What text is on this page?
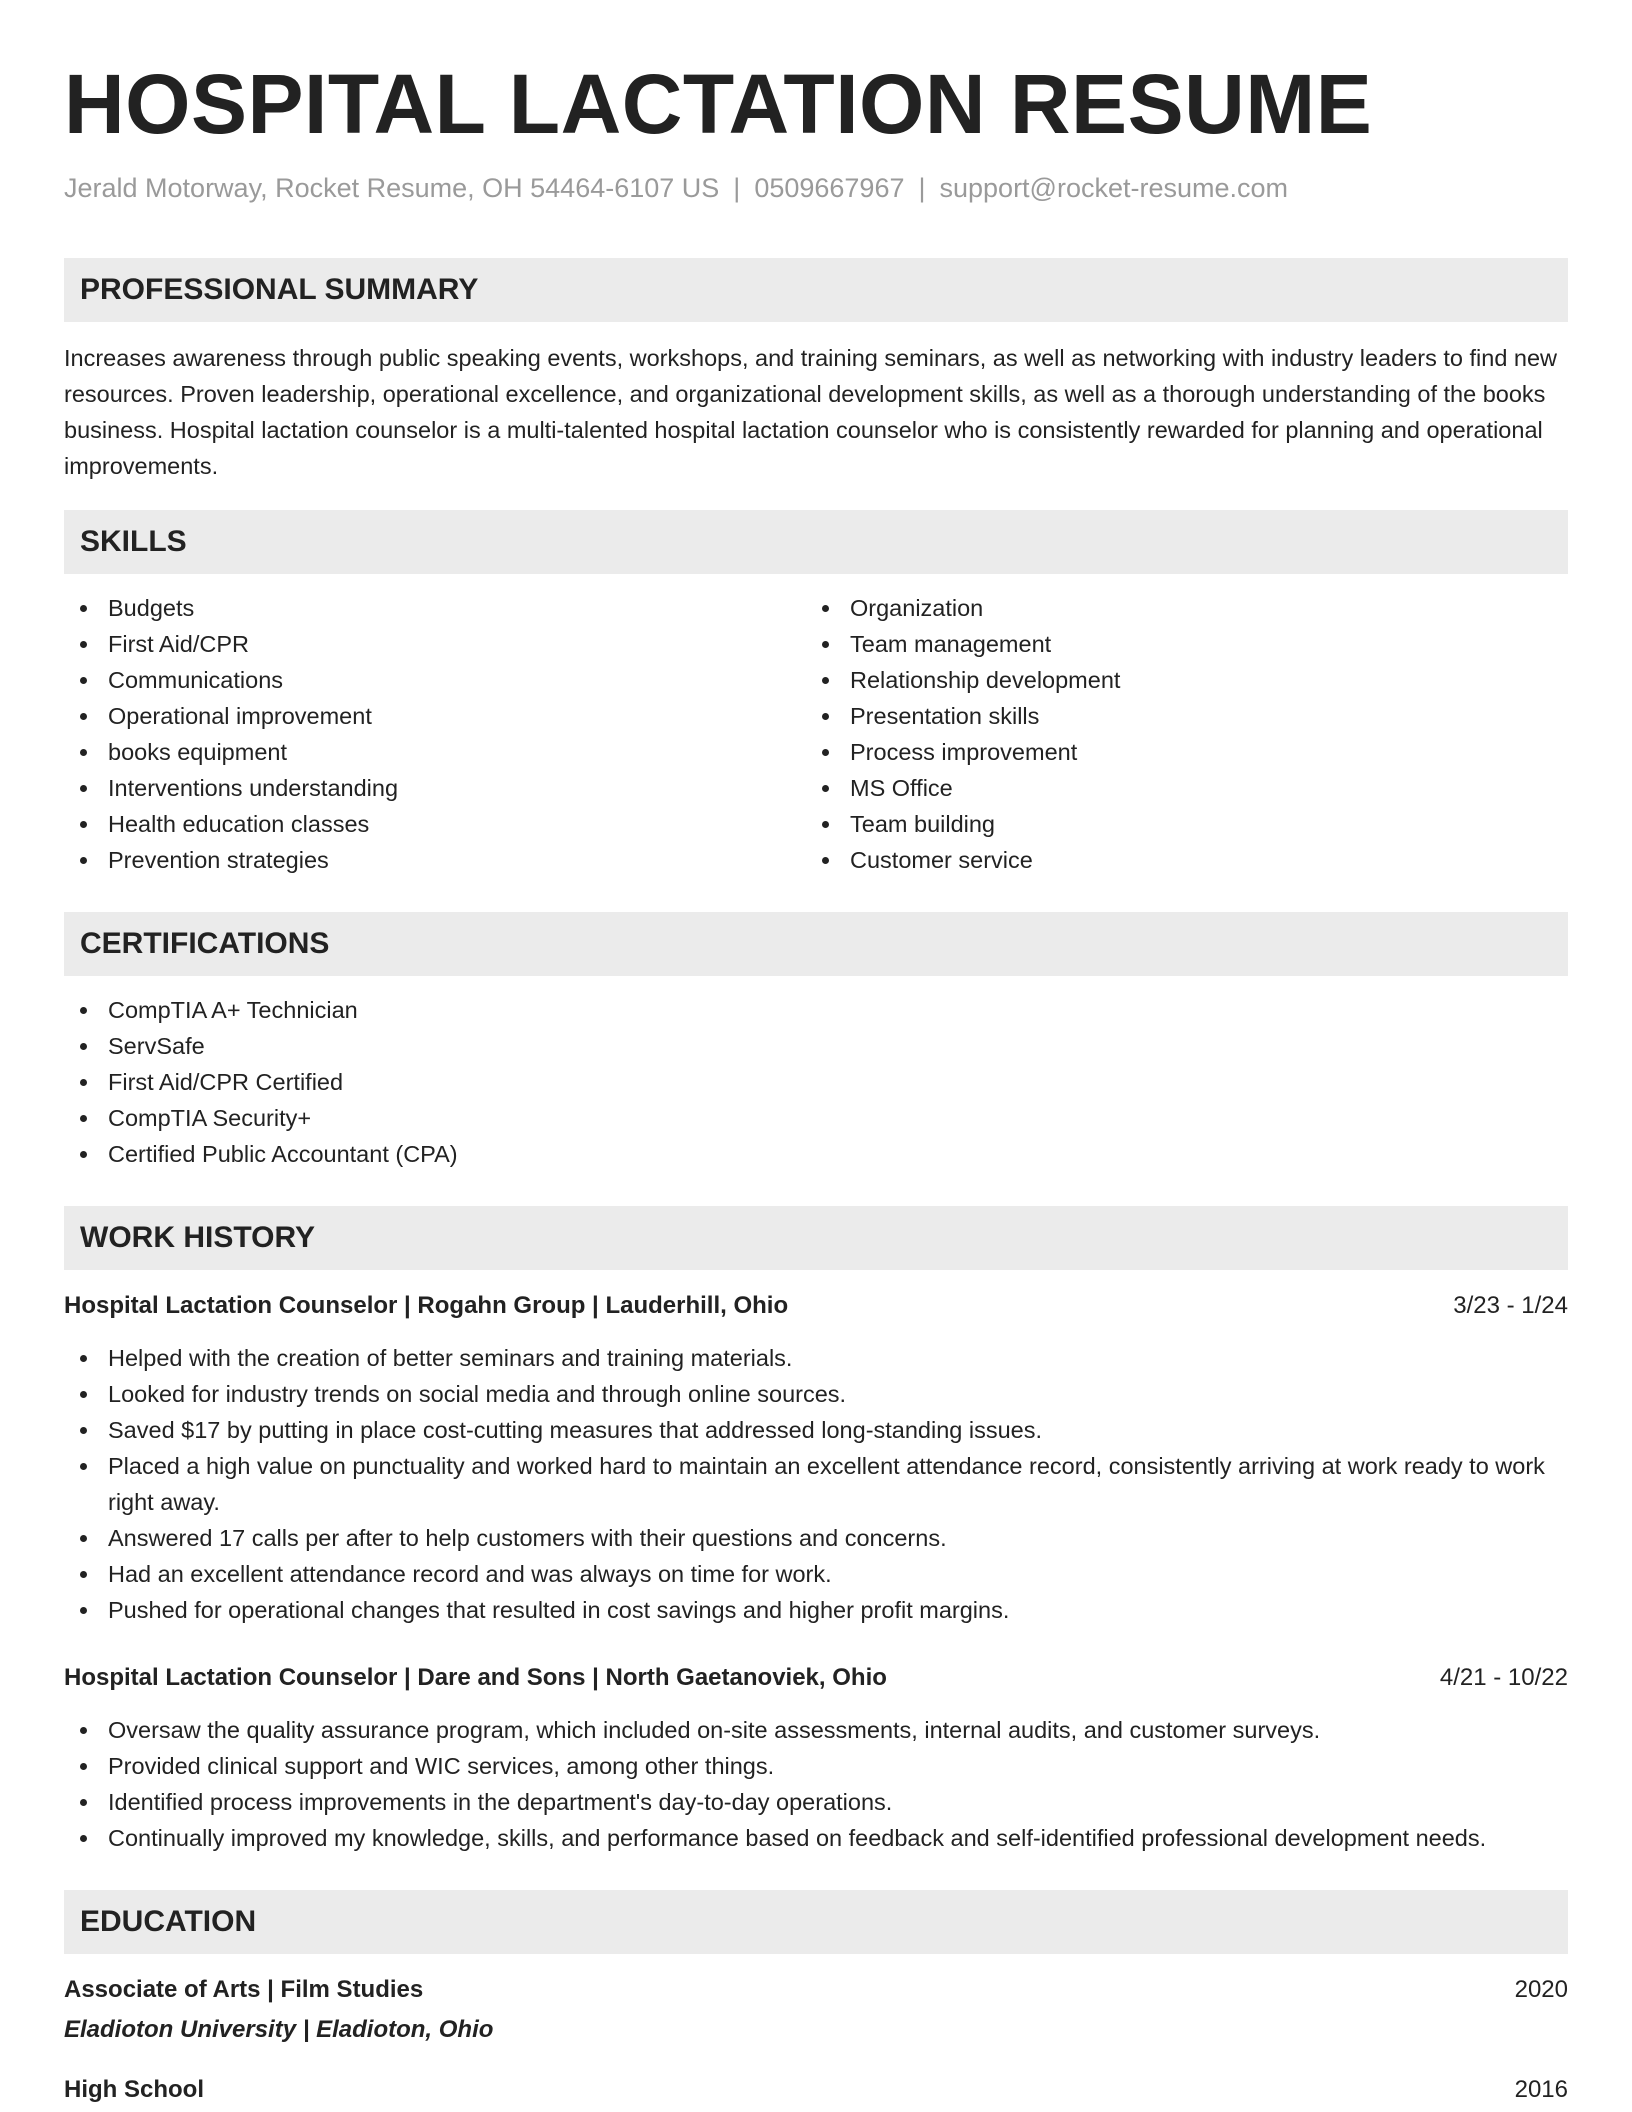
HOSPITAL LACTATION RESUME
Jerald Motorway, Rocket Resume, OH 54464-6107 US | 0509667967 | support@rocket-resume.com
PROFESSIONAL SUMMARY

Increases awareness through public speaking events, workshops, and training seminars, as well as networking with industry leaders to find new resources. Proven leadership, operational excellence, and organizational development skills, as well as a thorough understanding of the books business. Hospital lactation counselor is a multi-talented hospital lactation counselor who is consistently rewarded for planning and operational improvements.

SKILLS
Budgets
First Aid/CPR
Communications
Operational improvement
books equipment
Interventions understanding
Health education classes
Prevention strategies
Organization
Team management
Relationship development
Presentation skills
Process improvement
MS Office
Team building
Customer service
CERTIFICATIONS
CompTIA A+ Technician
ServSafe
First Aid/CPR Certified
CompTIA Security+
Certified Public Accountant (CPA)
WORK HISTORY
Hospital Lactation Counselor | Rogahn Group | Lauderhill, Ohio	3/23 - 1/24
Helped with the creation of better seminars and training materials.
Looked for industry trends on social media and through online sources.
Saved $17 by putting in place cost-cutting measures that addressed long-standing issues.
Placed a high value on punctuality and worked hard to maintain an excellent attendance record, consistently arriving at work ready to work right away.
Answered 17 calls per after to help customers with their questions and concerns.
Had an excellent attendance record and was always on time for work.
Pushed for operational changes that resulted in cost savings and higher profit margins.
Hospital Lactation Counselor | Dare and Sons | North Gaetanoviek, Ohio	4/21 - 10/22
Oversaw the quality assurance program, which included on-site assessments, internal audits, and customer surveys.
Provided clinical support and WIC services, among other things.
Identified process improvements in the department's day-to-day operations.
Continually improved my knowledge, skills, and performance based on feedback and self-identified professional development needs.
EDUCATION
Associate of Arts | Film Studies	2020
Eladioton University | Eladioton, Ohio
High School	2016
